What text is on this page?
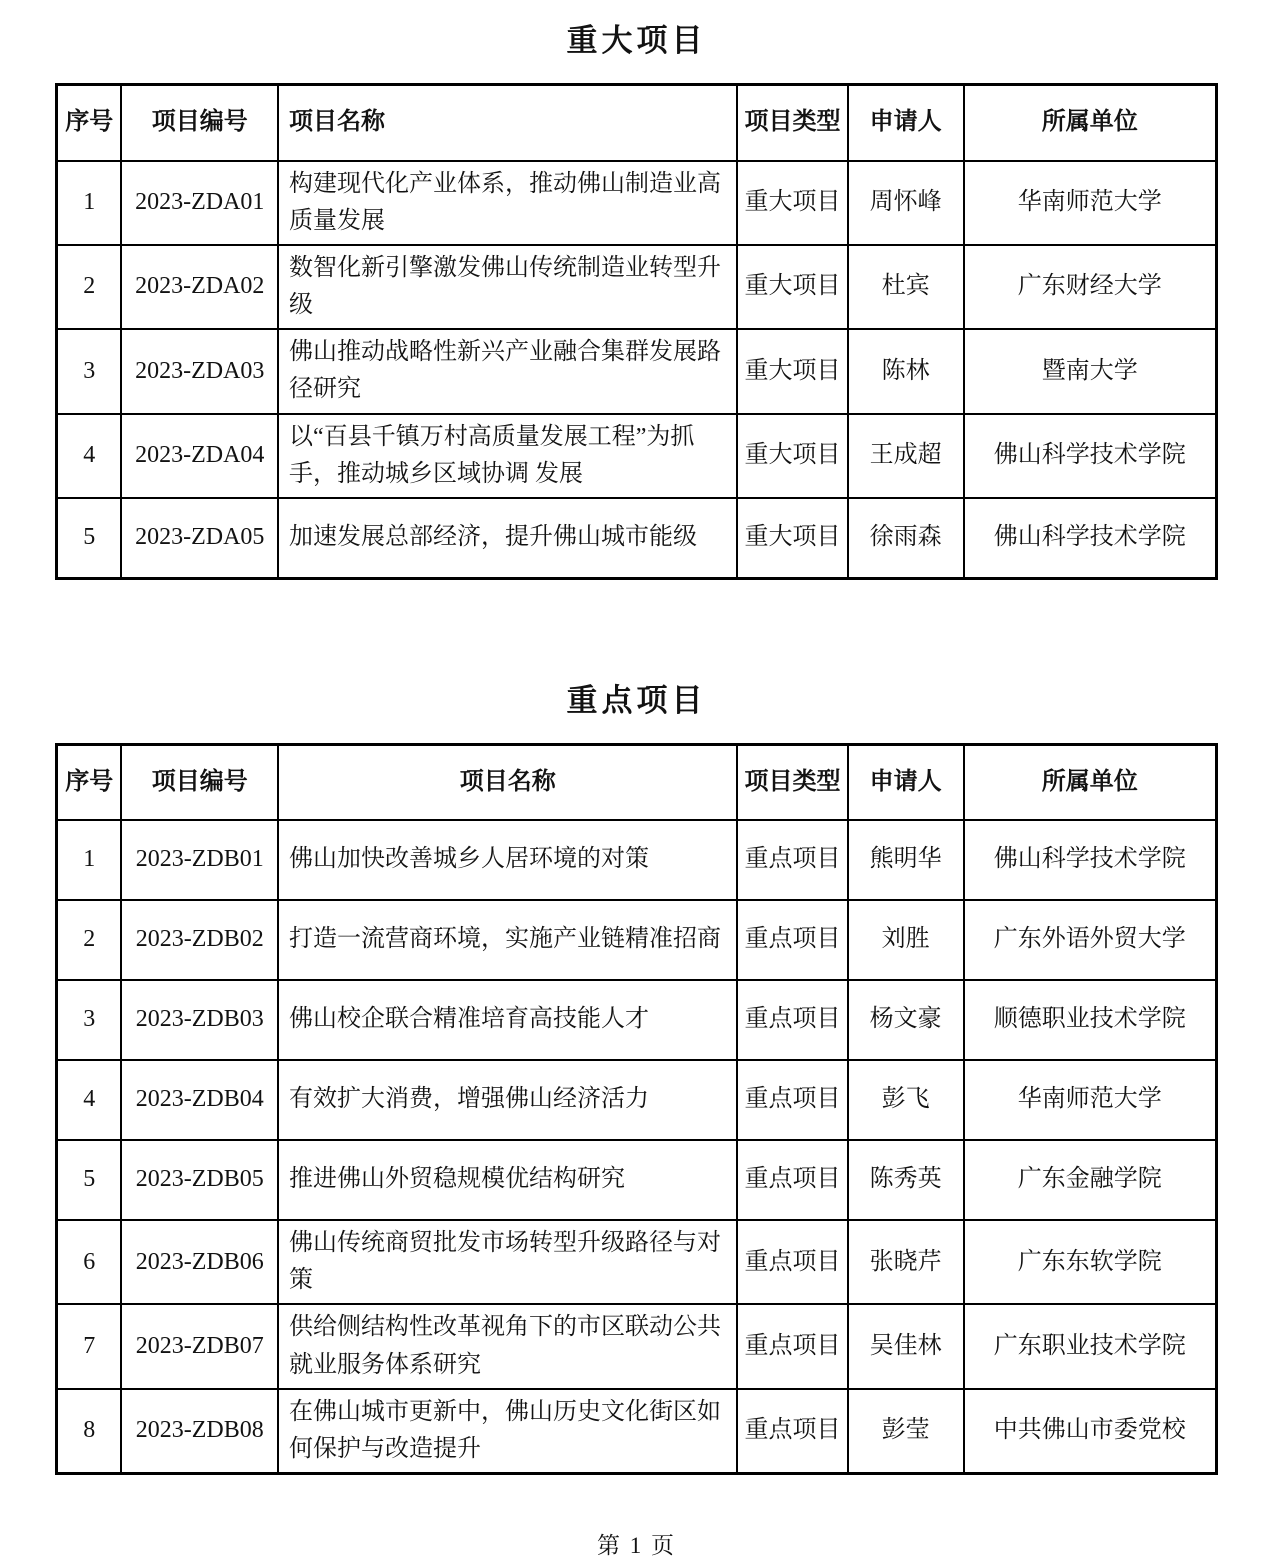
重大项目
序号	项目编号	项目名称	项目类型	申请人	所属单位
1	2023-ZDA01	构建现代化产业体系，推动佛山制造业高质量发展	重大项目	周怀峰	华南师范大学
2	2023-ZDA02	数智化新引擎激发佛山传统制造业转型升级	重大项目	杜宾	广东财经大学
3	2023-ZDA03	佛山推动战略性新兴产业融合集群发展路径研究	重大项目	陈林	暨南大学
4	2023-ZDA04	以“百县千镇万村高质量发展工程”为抓手，推动城乡区域协调 发展	重大项目	王成超	佛山科学技术学院
5	2023-ZDA05	加速发展总部经济，提升佛山城市能级	重大项目	徐雨森	佛山科学技术学院
重点项目
序号	项目编号	项目名称	项目类型	申请人	所属单位
1	2023-ZDB01	佛山加快改善城乡人居环境的对策	重点项目	熊明华	佛山科学技术学院
2	2023-ZDB02	打造一流营商环境，实施产业链精准招商	重点项目	刘胜	广东外语外贸大学
3	2023-ZDB03	佛山校企联合精准培育高技能人才	重点项目	杨文豪	顺德职业技术学院
4	2023-ZDB04	有效扩大消费，增强佛山经济活力	重点项目	彭飞	华南师范大学
5	2023-ZDB05	推进佛山外贸稳规模优结构研究	重点项目	陈秀英	广东金融学院
6	2023-ZDB06	佛山传统商贸批发市场转型升级路径与对策	重点项目	张晓芹	广东东软学院
7	2023-ZDB07	供给侧结构性改革视角下的市区联动公共就业服务体系研究	重点项目	吴佳林	广东职业技术学院
8	2023-ZDB08	在佛山城市更新中，佛山历史文化街区如何保护与改造提升	重点项目	彭莹	中共佛山市委党校
第 1 页
